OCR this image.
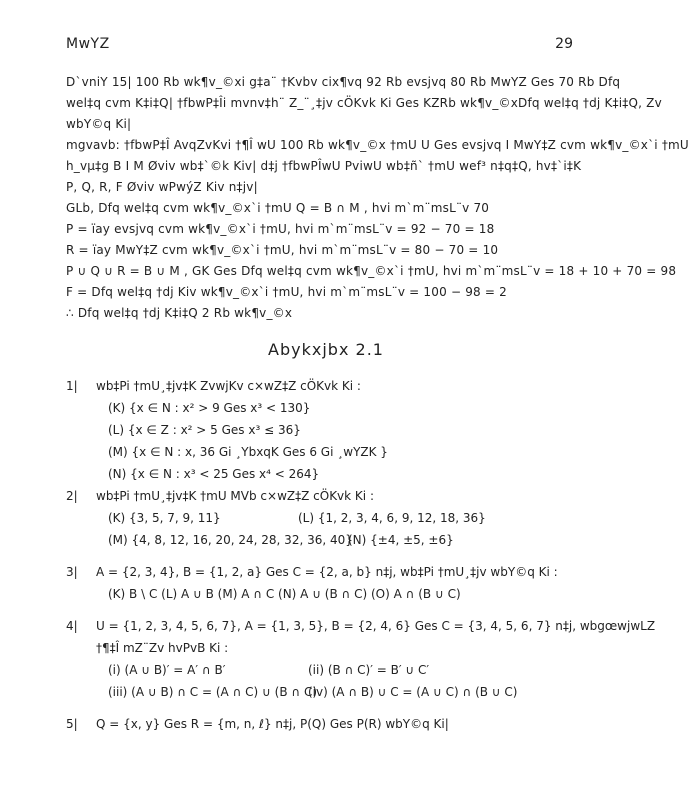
MwYZ	29
D`vniY 15| 100 Rb wk¶v_©xi g‡a¨ †Kvbv cix¶vq 92 Rb evsjvq 80 Rb MwYZ Ges 70 Rb Dfq
wel‡q cvm K‡i‡Q| †fbwP‡Îi mvnv‡h¨ Z_¨¸‡jv cÖKvk Ki Ges KZRb wk¶v_©xDfq wel‡q †dj K‡i‡Q, Zv
wbY©q Ki|
mgvavb: †fbwP‡Î AvqZvKvi †¶Î wU 100 Rb wk¶v_©x †mU U Ges evsjvq I MwY‡Z cvm wk¶v_©x`i †mU
h_vµ‡g B I M Øviv wb‡`©k Kiv| d‡j †fbwPÎwU PviwU wb‡ñ` †mU wef³ n‡q‡Q, hv‡`i‡K
P, Q, R, F Øviv wPwýZ Kiv n‡jv|
GLb, Dfq wel‡q cvm wk¶v_©x`i †mU Q = B ∩ M , hvi m`m¨msL¨v 70
P = ïay evsjvq cvm wk¶v_©x`i †mU, hvi m`m¨msL¨v = 92 − 70 = 18
R = ïay MwY‡Z cvm wk¶v_©x`i †mU, hvi m`m¨msL¨v = 80 − 70 = 10
P ∪ Q ∪ R = B ∪ M , GK Ges Dfq wel‡q cvm wk¶v_©x`i †mU, hvi m`m¨msL¨v = 18 + 10 + 70 = 98
F = Dfq wel‡q †dj Kiv wk¶v_©x`i †mU, hvi m`m¨msL¨v = 100 − 98 = 2
∴ Dfq wel‡q †dj K‡i‡Q 2 Rb wk¶v_©x
Abykxjbx 2.1
1|	wb‡Pi †mU¸‡jv‡K ZvwjKv c×wZ‡Z cÖKvk Ki :
(K) {x ∈ N : x² > 9 Ges x³ < 130}
(L) {x ∈ Z : x² > 5 Ges x³ ≤ 36}
(M) {x ∈ N : x, 36 Gi ¸YbxqK Ges 6 Gi ¸wYZK }
(N) {x ∈ N : x³ < 25 Ges x⁴ < 264}
2|	wb‡Pi †mU¸‡jv‡K †mU MVb c×wZ‡Z cÖKvk Ki :
(K) {3, 5, 7, 9, 11}	(L) {1, 2, 3, 4, 6, 9, 12, 18, 36}
(M) {4, 8, 12, 16, 20, 24, 28, 32, 36, 40}
(N) {±4, ±5, ±6}
3|	A = {2, 3, 4}, B = {1, 2, a} Ges C = {2, a, b} n‡j, wb‡Pi †mU¸‡jv wbY©q Ki :
(K) B \ C (L) A ∪ B (M) A ∩ C (N) A ∪ (B ∩ C) (O) A ∩ (B ∪ C)
4|	U = {1, 2, 3, 4, 5, 6, 7}, A = {1, 3, 5}, B = {2, 4, 6} Ges C = {3, 4, 5, 6, 7} n‡j, wbgœwjwLZ
†¶‡Î mZ¨Zv hvPvB Ki :
(i) (A ∪ B)′ = A′ ∩ B′	(ii) (B ∩ C)′ = B′ ∪ C′
(iii) (A ∪ B) ∩ C = (A ∩ C) ∪ (B ∩ C)
(iv) (A ∩ B) ∪ C = (A ∪ C) ∩ (B ∪ C)
5|	Q = {x, y} Ges R = {m, n, ℓ} n‡j, P(Q) Ges P(R) wbY©q Ki|
